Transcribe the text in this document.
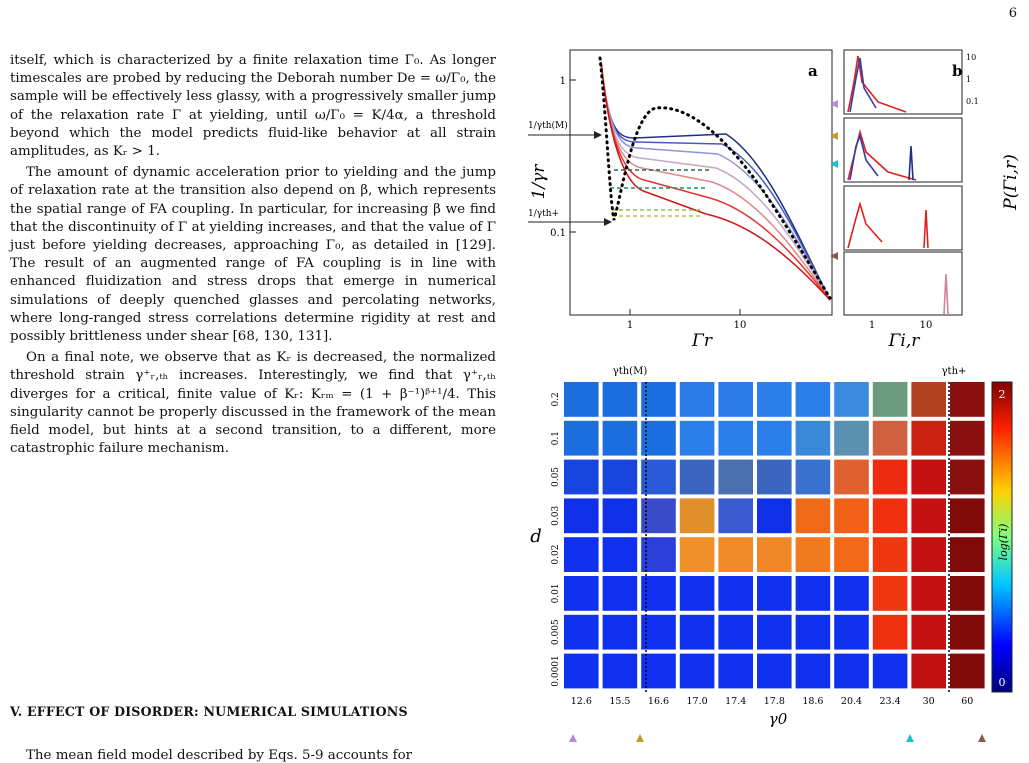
6

itself, which is characterized by a finite relaxation time Γ₀. As longer timescales are probed by reducing the Deborah number De = ω/Γ₀, the sample will be effectively less glassy, with a progressively smaller jump of the relaxation rate Γ at yielding, until ω/Γ₀ = K/4α, a threshold beyond which the model predicts fluid-like behavior at all strain amplitudes, as Kᵣ > 1.

The amount of dynamic acceleration prior to yielding and the jump of relaxation rate at the transition also depend on β, which represents the spatial range of FA coupling. In particular, for increasing β we find that the discontinuity of Γ at yielding increases, and that the value of Γ just before yielding decreases, approaching Γ₀, as detailed in [129]. The result of an augmented range of FA coupling is in line with enhanced fluidization and stress drops that emerge in numerical simulations of deeply quenched glasses and percolating networks, where long-ranged stress correlations determine rigidity at rest and possibly brittleness under shear [68, 130, 131].

On a final note, we observe that as Kᵣ is decreased, the normalized threshold strain γ⁺ᵣ,ₜₕ increases. Interestingly, we find that γ⁺ᵣ,ₜₕ diverges for a critical, finite value of Kᵣ: Kᵣₘ = (1 + β⁻¹)ᵝ⁺¹/4. This singularity cannot be properly discussed in the framework of the mean field model, but hints at a second transition, to a different, more catastrophic failure mechanism.

V. EFFECT OF DISORDER: NUMERICAL SIMULATIONS
The mean field model described by Eqs. 5-9 accounts for
a
1
0.1
1	10
Γr
1/γr
1/γth(M)
1/γth+
b
10
1
0.1
1	10
Γi,r
P(Γi,r)
γth(M)	γth+
0.2
0.1
0.05
0.03
0.02
0.01
0.005
0.0001
12.6 15.5 16.6 17.0 17.4 17.8 18.6 20.4 23.4 30	60
d
γ0
2
0
log(Γi)
